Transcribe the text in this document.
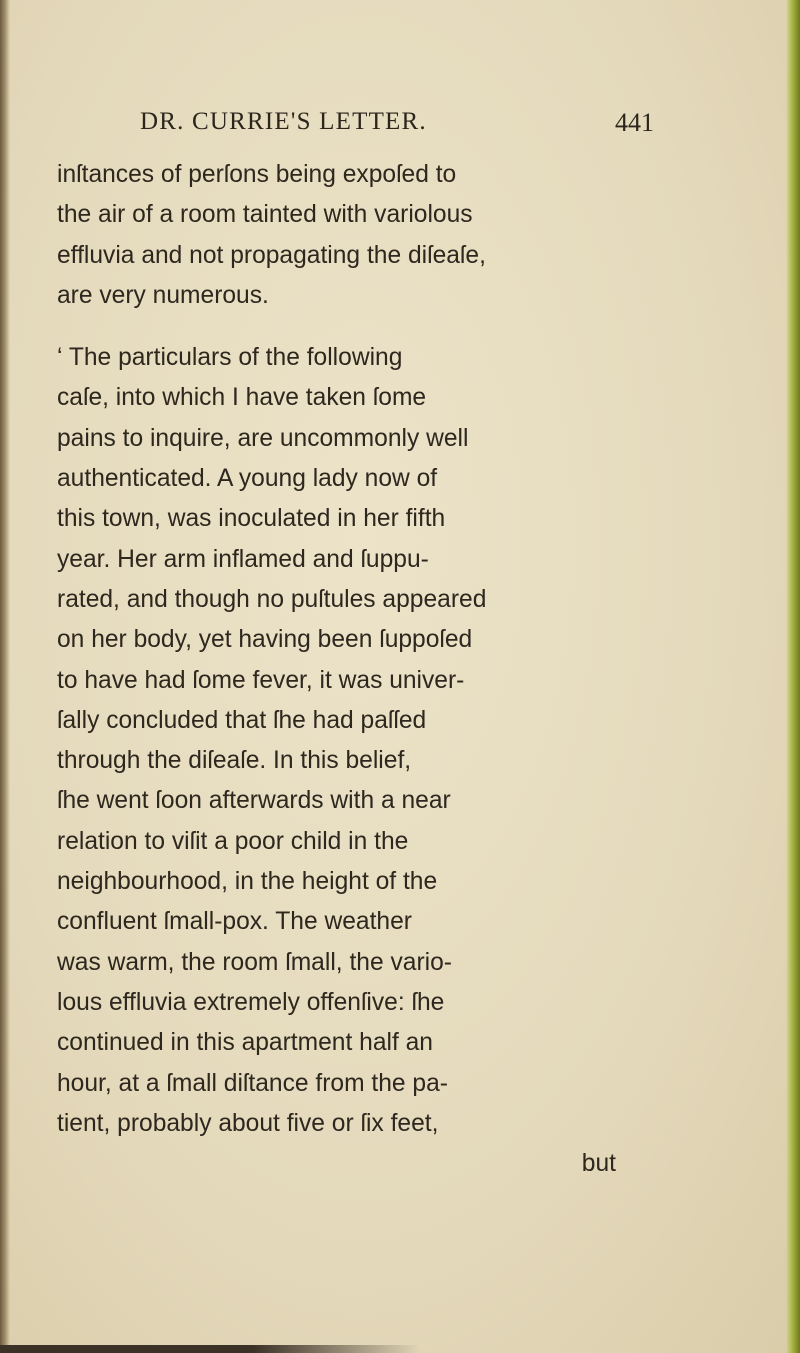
DR. CURRIE'S LETTER.	441
inſtances of perſons being expoſed to
the air of a room tainted with variolous
effluvia and not propagating the diſeaſe,
are very numerous.
‘ The particulars of the following
caſe, into which I have taken ſome
pains to inquire, are uncommonly well
authenticated. A young lady now of
this town, was inoculated in her fifth
year. Her arm inflamed and ſuppu-
rated, and though no puſtules appeared
on her body, yet having been ſuppoſed
to have had ſome fever, it was univer-
ſally concluded that ſhe had paſſed
through the diſeaſe. In this belief,
ſhe went ſoon afterwards with a near
relation to viſit a poor child in the
neighbourhood, in the height of the
confluent ſmall-pox. The weather
was warm, the room ſmall, the vario-
lous effluvia extremely offenſive: ſhe
continued in this apartment half an
hour, at a ſmall diſtance from the pa-
tient, probably about five or ſix feet,
but
